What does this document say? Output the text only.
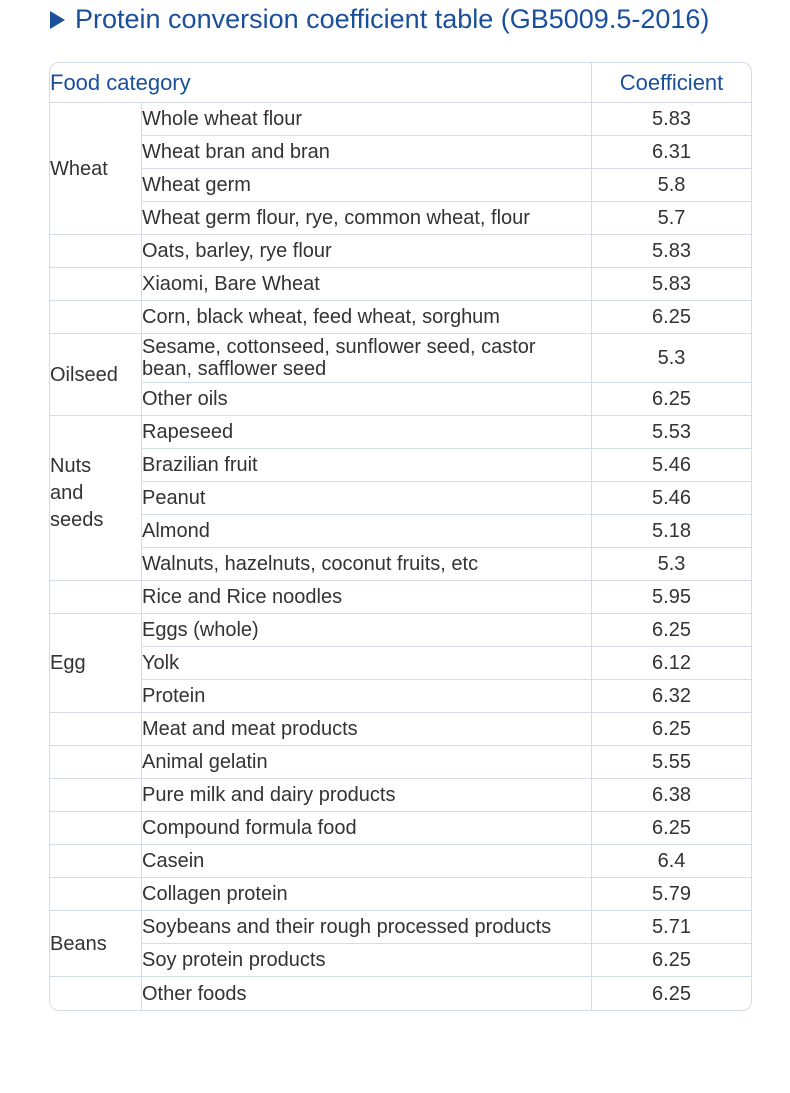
Protein conversion coefficient table (GB5009.5-2016)
Food category		Coefficient
Wheat	Whole wheat flour	5.83
	Wheat bran and bran	6.31
	Wheat germ	5.8
	Wheat germ flour, rye, common wheat, flour	5.7
	Oats, barley, rye flour	5.83
	Xiaomi, Bare Wheat	5.83
	Corn, black wheat, feed wheat, sorghum	6.25
Oilseed	Sesame, cottonseed, sunflower seed, castor bean, safflower seed	5.3
	Other oils	6.25

Nuts and seeds	Rapeseed	5.53
	Brazilian fruit	5.46
	Peanut	5.46
	Almond	5.18
	Walnuts, hazelnuts, coconut fruits, etc	5.3
	Rice and Rice noodles	5.95
Egg	Eggs (whole)	6.25
	Yolk	6.12
	Protein	6.32
	Meat and meat products	6.25
	Animal gelatin	5.55
	Pure milk and dairy products	6.38
	Compound formula food	6.25
	Casein	6.4
	Collagen protein	5.79
Beans	Soybeans and their rough processed products	5.71
	Soy protein products	6.25
	Other foods	6.25
